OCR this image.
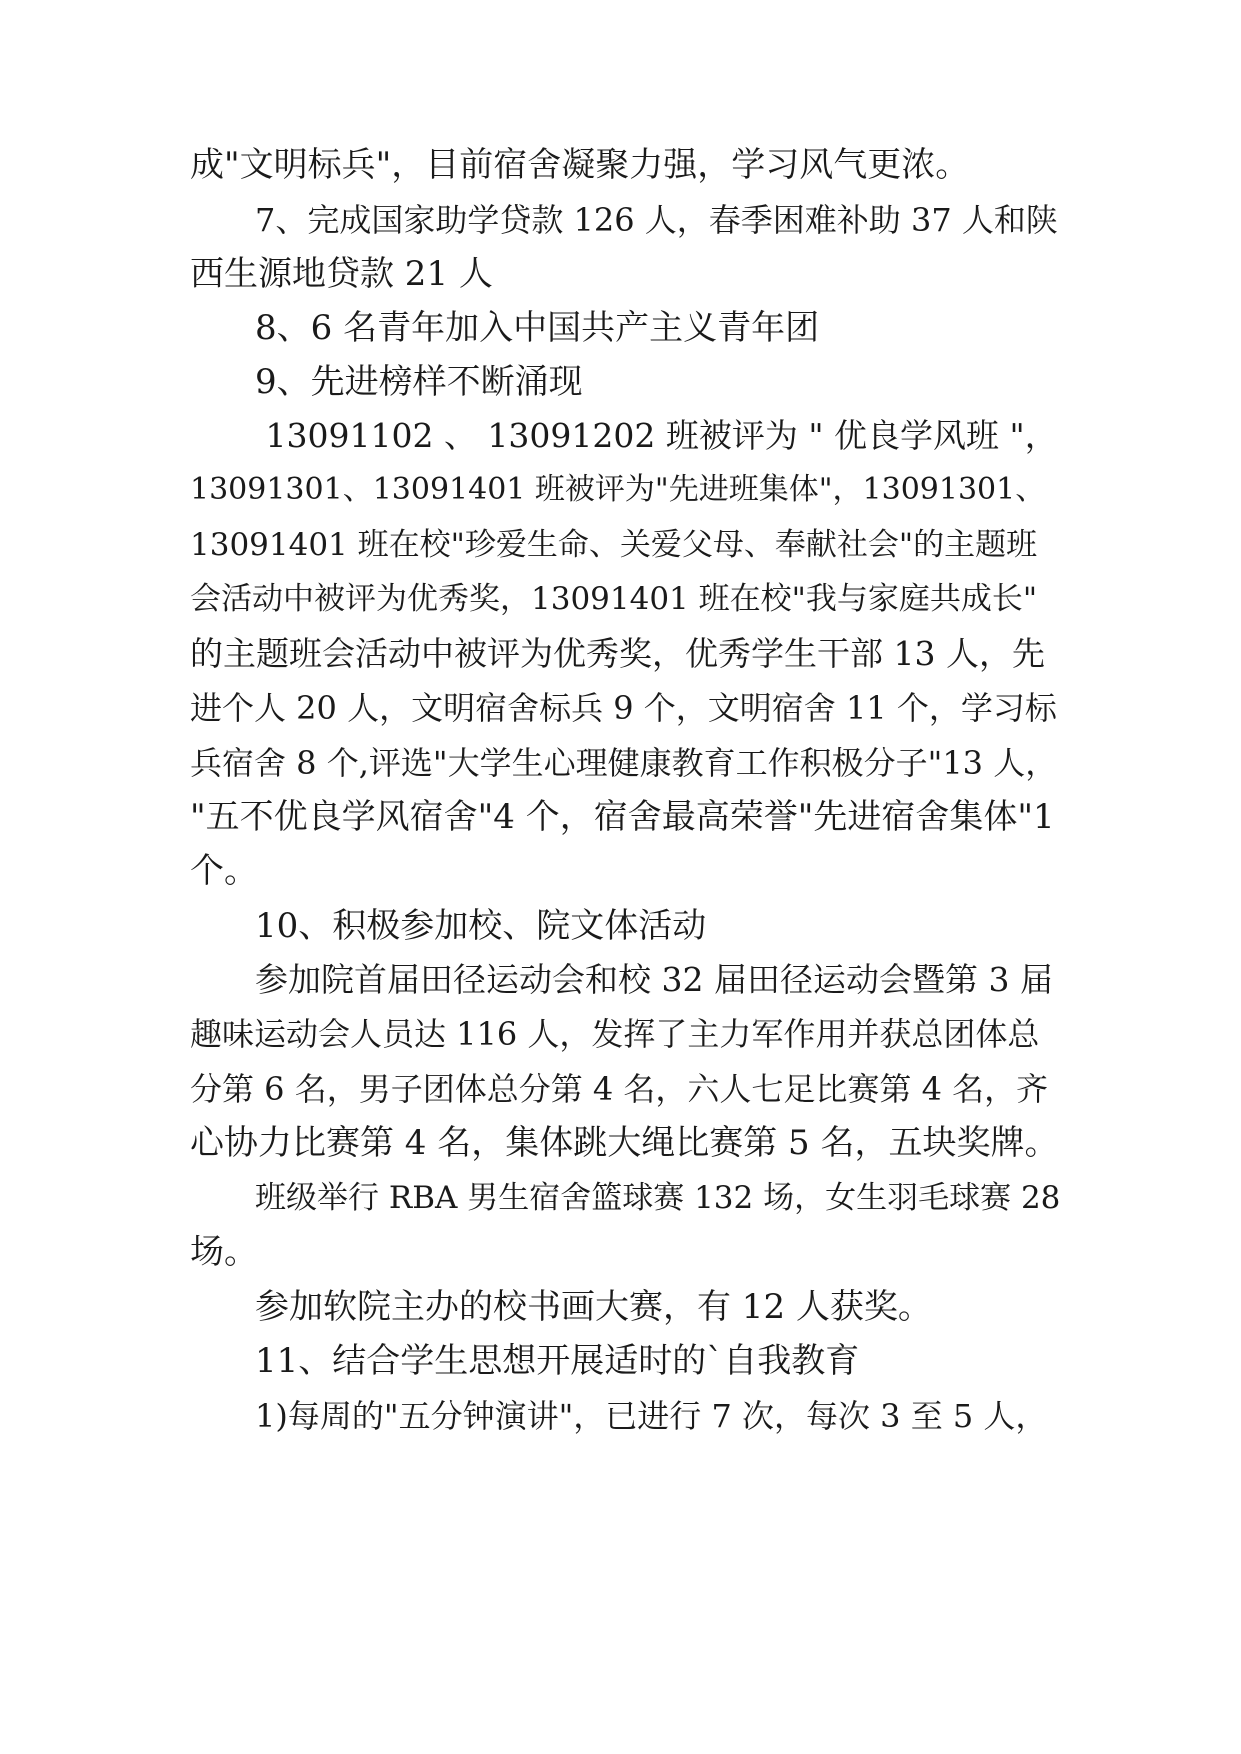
成"文明标兵"，目前宿舍凝聚力强，学习风气更浓。
7、完成国家助学贷款 126 人，春季困难补助 37 人和陕
西生源地贷款 21 人
8、6 名青年加入中国共产主义青年团
9、先进榜样不断涌现
13091102 、 13091202 班被评为 " 优良学风班 "，
13091301、13091401 班被评为"先进班集体"，13091301、
13091401 班在校"珍爱生命、关爱父母、奉献社会"的主题班
会活动中被评为优秀奖，13091401 班在校"我与家庭共成长"
的主题班会活动中被评为优秀奖，优秀学生干部 13 人，先
进个人 20 人，文明宿舍标兵 9 个，文明宿舍 11 个，学习标
兵宿舍 8 个,评选"大学生心理健康教育工作积极分子"13 人，
"五不优良学风宿舍"4 个，宿舍最高荣誉"先进宿舍集体"1
个。
10、积极参加校、院文体活动
参加院首届田径运动会和校 32 届田径运动会暨第 3 届
趣味运动会人员达 116 人，发挥了主力军作用并获总团体总
分第 6 名，男子团体总分第 4 名，六人七足比赛第 4 名，齐
心协力比赛第 4 名，集体跳大绳比赛第 5 名，五块奖牌。
班级举行 RBA 男生宿舍篮球赛 132 场，女生羽毛球赛 28
场。
参加软院主办的校书画大赛，有 12 人获奖。
11、结合学生思想开展适时的`自我教育
1)每周的"五分钟演讲"，已进行 7 次，每次 3 至 5 人，
